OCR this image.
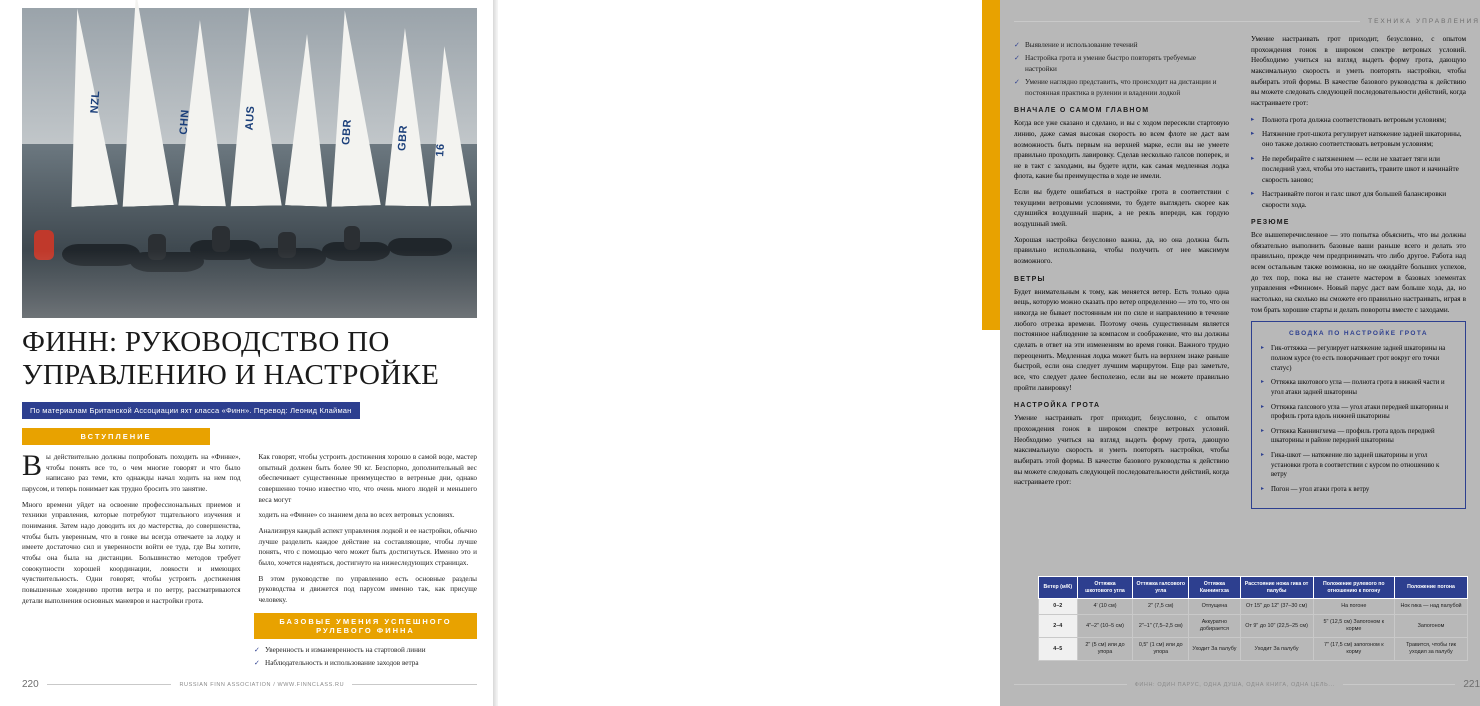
NZL
CHN	AUS
GBR	GBR 16
ФИНН: РУКОВОДСТВО ПО УПРАВЛЕНИЮ И НАСТРОЙКЕ
По материалам Британской Ассоциации яхт класса «Финн». Перевод: Леонид Клайман
ВСТУПЛЕНИЕ

Вы действительно должны попробовать походить на «Финне», чтобы понять все то, о чем многие говорят и что было написано раз теми, кто однажды начал ходить на нем под парусом, и теперь понимает как трудно бросить это занятие.

Много времени уйдет на освоение профессиональных приемов и техники управления, которые потребуют тщательного изучения и понимания. Затем надо доводить их до мастерства, до совершенства, чтобы быть уверенным, что в гонке вы всегда отвечаете за лодку и имеете достаточно сил и уверенности войти ее туда, где Вы хотите, чтобы она была на дистанции. Большинство методов требует совокупности хорошей координации, ловкости и имеющих чувствительность. Одни говорят, чтобы устроить достижения повышенные хождению против ветра и по ветру, рассматриваются детали выполнения основных маневров и настройки грота.

Как говорят, чтобы устроить достижения хорошо в самой воде, мастер опытный должен быть более 90 кг. Безспорно, дополнительный вес обеспечивает существенные преимущество в ветреные дни, однако совершенно точно известно что, что очень много людей и меньшего веса могут

ходить на «Финне» со знанием дела во всех ветровых условиях.

Анализируя каждый аспект управления лодкой и ее настройки, обычно лучше разделить каждое действие на составляющие, чтобы лучше понять, что с помощью чего может быть достигнуться. Именно это и было, хочется надеяться, достигнуто на нижеследующих страницах.

В этом руководстве по управлению есть основные разделы руководства и движется под парусом именно так, как присуще человеку.

БАЗОВЫЕ УМЕНИЯ УСПЕШНОГО РУЛЕВОГО ФИННА
✓ Уверенность и изманевренность на стартовой линии
✓ Наблюдательность и использование заходов ветра
220	RUSSIAN FINN ASSOCIATION / WWW.FINNCLASS.RU
ТЕХНИКА УПРАВЛЕНИЯ
✓ Выявление и использование течений
✓ Настройка грота и умение быстро повторять требуемые настройки
✓ Умение наглядно представить, что происходит на дистанции и постоянная практика в рулении и владении лодкой
ВНАЧАЛЕ О САМОМ ГЛАВНОМ

Когда все уже сказано и сделано, и вы с ходом пересекли стартовую линию, даже самая высокая скорость во всем флоте не даст вам возможность быть первым на верхней марке, если вы не умеете правильно проходить лавировку. Сделав несколько галсов поперек, и не в такт с заходами, вы будете идти, как самая медленная лодка флота, какие бы преимущества в ходе не имели.

Если вы будете ошибаться в настройке грота в соответствии с текущими ветровыми условиями, то будете выглядеть скорее как сдувшийся воздушный шарик, а не реяль впереди, как гордую воздушный змей.

Хорошая настройка безусловно важна, да, но она должна быть правильно использована, чтобы получить от нее максимум возможного.

ВЕТРЫ

Будет внимательным к тому, как меняется ветер. Есть только одна вещь, которую можно сказать про ветер определенно — это то, что он никогда не бывает постоянным ни по силе и направлению в течение любого отрезка времени. Поэтому очень существенным является постоянное наблюдение за компасом и соображение, что вы должны сделать в ответ на эти изменениям во время гонки. Важного трудно переоценить. Медленная лодка может быть на верхнем знаке раньше быстрой, если она следует лучшим маршрутом. Еще раз заметьте, все, что следует далее бесполезно, если вы не можете правильно пройти лавировку!

НАСТРОЙКА ГРОТА

Умение настраивать грот приходит, безусловно, с опытом прохождения гонок в широком спектре ветровых условий. Необходимо учиться на взгляд выдеть форму грота, дающую максимальную скорость и уметь повторять настройки, чтобы выбирать этой формы. В качестве базового руководства к действию вы можете следовать следующей последовательности действий, когда настраиваете грот:

Умение настраивать грот приходит, безусловно, с опытом прохождения гонок в широком спектре ветровых условий. Необходимо учиться на взгляд выдеть форму грота, дающую максимальную скорость и уметь повторять настройки, чтобы выбирать этой формы. В качестве базового руководства к действию вы можете следовать следующей последовательности действий, когда настраиваете грот:

▸ Полнота грота должна соответствовать ветровым условиям;
▸ Натяжение грот-шкота регулирует натяжение задней шкаторины, оно также должно соответствовать ветровым условиям;
▸ Не перебирайте с натяжением — если не хватает тяги или последний узел, чтобы это наставить, травите шкот и начинайте скорость заново;
▸ Настраивайте погон и галс шкот для большей балансировки скорости хода.
РЕЗЮМЕ

Все вышеперечисленное — это попытка объяснить, что вы должны обязательно выполнить базовые ваши раньше всего и делать это правильно, прежде чем предпринимать что либо другое. Работа над всем остальным также возможна, но не ожидайте больших успехов, до тех пор, пока вы не станете мастером в базовых элементах управления «Финном». Новый парус даст вам больше хода, да, но настолько, на сколько вы сможете его правильно настраивать, играя в том брать хорошие старты и делать повороты вместе с заходами.

СВОДКА ПО НАСТРОЙКЕ ГРОТА
▸ Гик-оттяжка — регулирует натяжение задней шкаторины на полном курсе (то есть поворачивает грот вокруг его точки статус)
▸ Оттяжка шкотового угла — полнота грота в нижней части и угол атаки задней шкаторины
▸ Оттяжка галсового угла — угол атаки передней шкаторины и профиль грота вдоль нижней шкаторины
▸ Оттяжка Каннингхема — профиль грота вдоль передней шкаторины и районе передней шкаторины
▸ Гика-шкот — натяжение лю задней шкаторины и угол установки грота в соответствии с курсом по отношению к ветру
▸ Погон — угол атаки грота к ветру
Ветер (м/К)	Оттяжка шкотового угла	Оттяжка галсового угла	Оттяжка Каннингхза	Расстояние ножа гика от палубы	Положение рулевого по отношению к погону	Положение погона
0–2	4' (10 см)	2" (7,5 см)	Отпущена	От 15" до 12" (37–30 см)	На погоне	Нок гика — над палубой
2–4	4"–2" (10–5 см)	2"–1" (7,5–2,5 см)	Аккуратно добирается	От 9" до 10" (22,5–25 см)	5" (12,5 см) Запогоном к корме	Запогоном
4–5	2" (5 см) или до упора	0,5" (1 см) или до упора	Уходит За палубу	Уходит За палубу	7" (17,5 см) запогоном к корму	Травится, чтобы гик уходил за палубу
ФИНН: ОДИН ПАРУС, ОДНА ДУША, ОДНА КНИГА, ОДНА ЦЕЛЬ...	221
